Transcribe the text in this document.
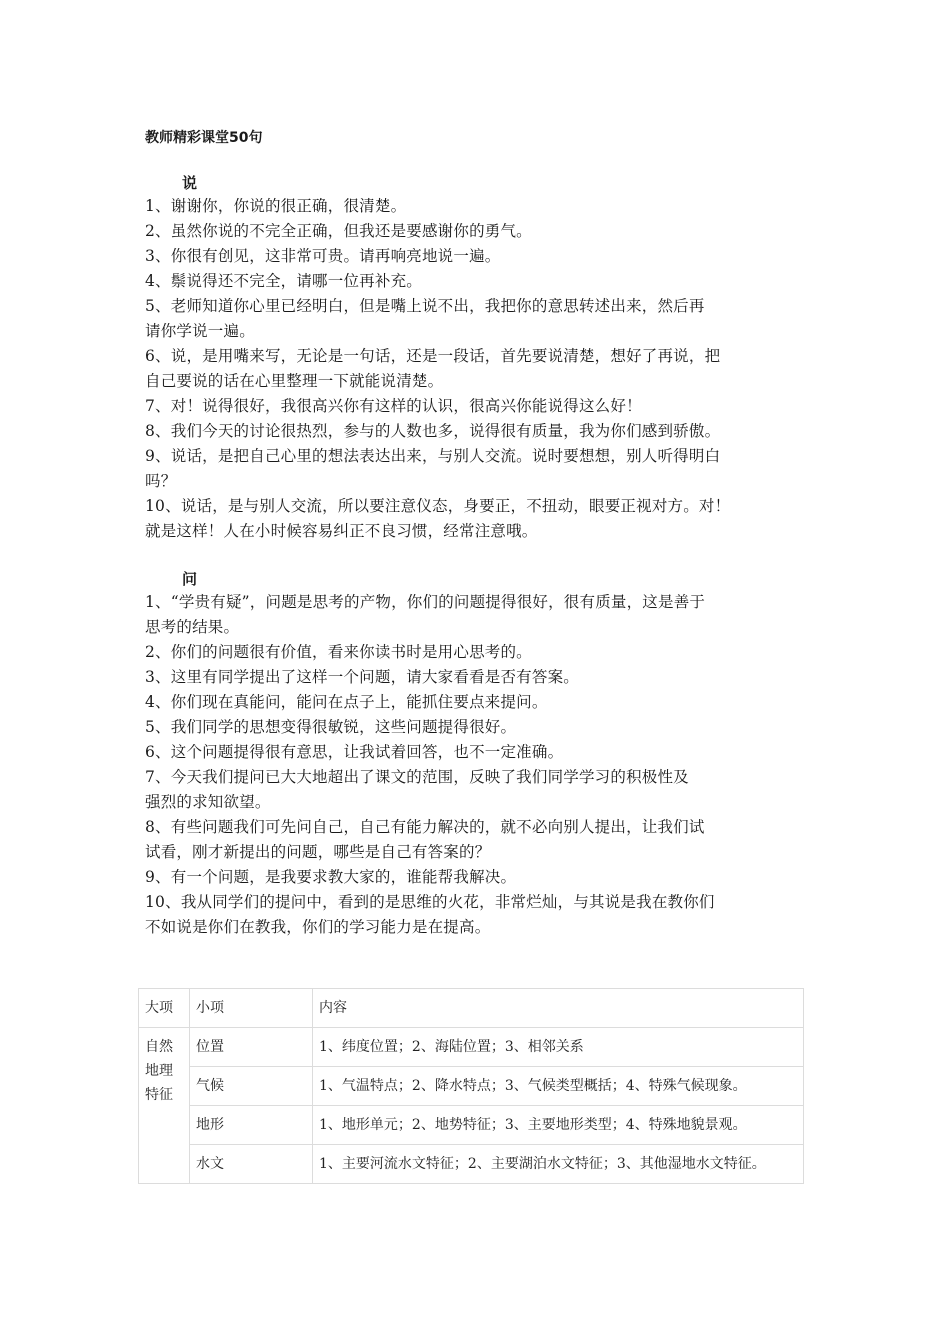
教师精彩课堂50句
说
1、谢谢你，你说的很正确，很清楚。
2、虽然你说的不完全正确，但我还是要感谢你的勇气。
3、你很有创见，这非常可贵。请再响亮地说一遍。
4、鬃说得还不完全，请哪一位再补充。
5、老师知道你心里已经明白，但是嘴上说不出，我把你的意思转述出来，然后再
请你学说一遍。
6、说，是用嘴来写，无论是一句话，还是一段话，首先要说清楚，想好了再说，把
自己要说的话在心里整理一下就能说清楚。
7、对！说得很好，我很高兴你有这样的认识，很高兴你能说得这么好！
8、我们今天的讨论很热烈，参与的人数也多，说得很有质量，我为你们感到骄傲。
9、说话，是把自己心里的想法表达出来，与别人交流。说时要想想，别人听得明白
吗？
10、说话，是与别人交流，所以要注意仪态，身要正，不扭动，眼要正视对方。对！
就是这样！人在小时候容易纠正不良习惯，经常注意哦。
问
1、“学贵有疑”，问题是思考的产物，你们的问题提得很好，很有质量，这是善于
思考的结果。
2、你们的问题很有价值，看来你读书时是用心思考的。
3、这里有同学提出了这样一个问题，请大家看看是否有答案。
4、你们现在真能问，能问在点子上，能抓住要点来提问。
5、我们同学的思想变得很敏锐，这些问题提得很好。
6、这个问题提得很有意思，让我试着回答，也不一定准确。
7、今天我们提问已大大地超出了课文的范围，反映了我们同学学习的积极性及
强烈的求知欲望。
8、有些问题我们可先问自己，自己有能力解决的，就不必向别人提出，让我们试
试看，刚才新提出的问题，哪些是自己有答案的？
9、有一个问题，是我要求教大家的，谁能帮我解决。
10、我从同学们的提问中，看到的是思维的火花，非常烂灿，与其说是我在教你们
不如说是你们在教我，你们的学习能力是在提高。
大项	小项	内容
自然地理特征	位置	1、纬度位置；2、海陆位置；3、相邻关系
	气候	1、气温特点；2、降水特点；3、气候类型概括；4、特殊气候现象。
	地形	1、地形单元；2、地势特征；3、主要地形类型；4、特殊地貌景观。
	水文	1、主要河流水文特征；2、主要湖泊水文特征；3、其他湿地水文特征。
